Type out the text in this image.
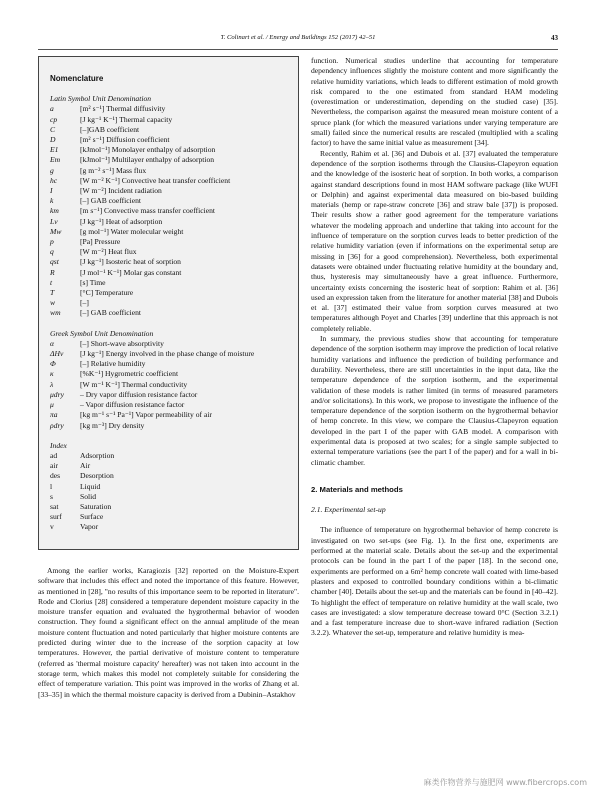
T. Colinart et al. / Energy and Buildings 152 (2017) 42–51	43
Nomenclature
Latin Symbol Unit Denomination
a	[m² s⁻¹] Thermal diffusivity
cp	[J kg⁻¹ K⁻¹] Thermal capacity
C	[–]GAB coefficient
D	[m² s⁻¹] Diffusion coefficient
E1	[kJmol⁻¹] Monolayer enthalpy of adsorption
Em	[kJmol⁻¹] Multilayer enthalpy of adsorption
g	[g m⁻² s⁻¹] Mass flux
hc	[W m⁻² K⁻¹] Convective heat transfer coefficient
I	[W m⁻²] Incident radiation
k	[–] GAB coefficient
km	[m s⁻¹] Convective mass transfer coefficient
Lv	[J kg⁻¹] Heat of adsorption
Mw	[g mol⁻¹] Water molecular weight
p	[Pa] Pressure
q	[W m⁻²] Heat flux
qst	[J kg⁻¹] Isosteric heat of sorption
R	[J mol⁻¹ K⁻¹] Molar gas constant
t	[s] Time
T	[°C] Temperature
w	[–]
wm	[–] GAB coefficient
Greek Symbol Unit Denomination
α	[–] Short-wave absorptivity
ΔHv	[J kg⁻¹] Energy involved in the phase change of moisture
Φ	[–] Relative humidity
κ	[%K⁻¹] Hygrometric coefficient
λ	[W m⁻¹ K⁻¹] Thermal conductivity
μdry	– Dry vapor diffusion resistance factor
μ	– Vapor diffusion resistance factor
πa	[kg m⁻¹ s⁻¹ Pa⁻¹] Vapor permeability of air
ρdry	[kg m⁻³] Dry density
Index
ad	Adsorption
air	Air
des	Desorption
l	Liquid
s	Solid
sat	Saturation
surf	Surface
v	Vapor

Among the earlier works, Karagiozis [32] reported on the Moisture-Expert software that includes this effect and noted the importance of this feature. However, as mentioned in [28], "no results of this importance seem to be reported in literature". Rode and Clorius [28] considered a temperature dependent moisture capacity in the moisture transfer equation and evaluated the hygrothermal behavior of wooden construction. They found a significant effect on the annual amplitude of the mean moisture content fluctuation and noted particularly that higher moisture contents are predicted during winter due to the increase of the sorption capacity at low temperatures. However, the partial derivative of moisture content to temperature (referred as 'thermal moisture capacity' hereafter) was not taken into account in the storage term, which makes this model not completely suitable for considering the effect of temperature variation. This point was improved in the works of Zhang et al. [33–35] in which the thermal moisture capacity is derived from a Dubinin–Astakhov

function. Numerical studies underline that accounting for temperature dependency influences slightly the moisture content and more significantly the relative humidity variations, which leads to different estimation of mold growth risk compared to the one estimated from standard HAM modeling (overestimation or underestimation, depending on the studied case) [35]. Nevertheless, the comparison against the measured mean moisture content of a spruce plank (for which the measured variations under varying temperature are small) failed since the numerical results are rescaled (multiplied with a scaling factor) to have the same initial value as measurement [34].

Recently, Rahim et al. [36] and Dubois et al. [37] evaluated the temperature dependence of the sorption isotherms through the Clausius-Clapeyron equation and the knowledge of the isosteric heat of sorption. In both works, a comparison against standard descriptions found in most HAM software package (like WUFI or Delphin) and against experimental data measured on bio-based building materials (hemp or rape-straw concrete [36] and straw bale [37]) is proposed. Their results show a rather good agreement for the temperature variations whatever the modeling approach and underline that taking into account for the influence of temperature on the sorption curves leads to better prediction of the relative humidity variation (even if informations on the experimental setup are missing in [36] for a good comprehension). Nevertheless, both experimental datasets were obtained under fluctuating relative humidity at the boundary and, thus, hysteresis may simultaneously have a great influence. Furthermore, uncertainty exists concerning the isosteric heat of sorption: Rahim et al. [36] used an expression taken from the literature for another material [38] and Dubois et al. [37] estimated their value from sorption curves measured at two temperatures although Poyet and Charles [39] underline that this approach is not completely reliable.

In summary, the previous studies show that accounting for temperature dependence of the sorption isotherm may improve the prediction of local relative humidity variations and influence the prediction of building performance and durability. Nevertheless, there are still uncertainties in the input data, like the temperature dependence of the sorption isotherm, and the experimental validation of these models is rather limited (in terms of measured parameters and/or solicitations). In this work, we propose to investigate the influence of the temperature dependence of the sorption isotherm on the hygrothermal behavior of hemp concrete. In this view, we compare the Clausius-Clapeyron equation developed in the part I of the paper with GAB model. A comparison with experimental data is proposed at two scales; for a single sample subjected to external temperature variations (see the part I of the paper) and for a wall in bi-climatic chamber.

2. Materials and methods
2.1. Experimental set-up

The influence of temperature on hygrothermal behavior of hemp concrete is investigated on two set-ups (see Fig. 1). In the first one, experiments are performed at the material scale. Details about the set-up and the experimental protocols can be found in the part I of the paper [18]. In the second one, experiments are performed on a 6m² hemp concrete wall coated with lime-based plasters and exposed to controlled boundary conditions within a bi-climatic chamber [40]. Details about the set-up and the materials can be found in [40–42]. To highlight the effect of temperature on relative humidity at the wall scale, two cases are investigated: a slow temperature decrease toward 0°C (Section 3.2.1) and a fast temperature increase due to short-wave infrared radiation (Section 3.2.2). Whatever the set-up, temperature and relative humidity is mea-

麻类作物营养与施肥网 www.fibercrops.com
